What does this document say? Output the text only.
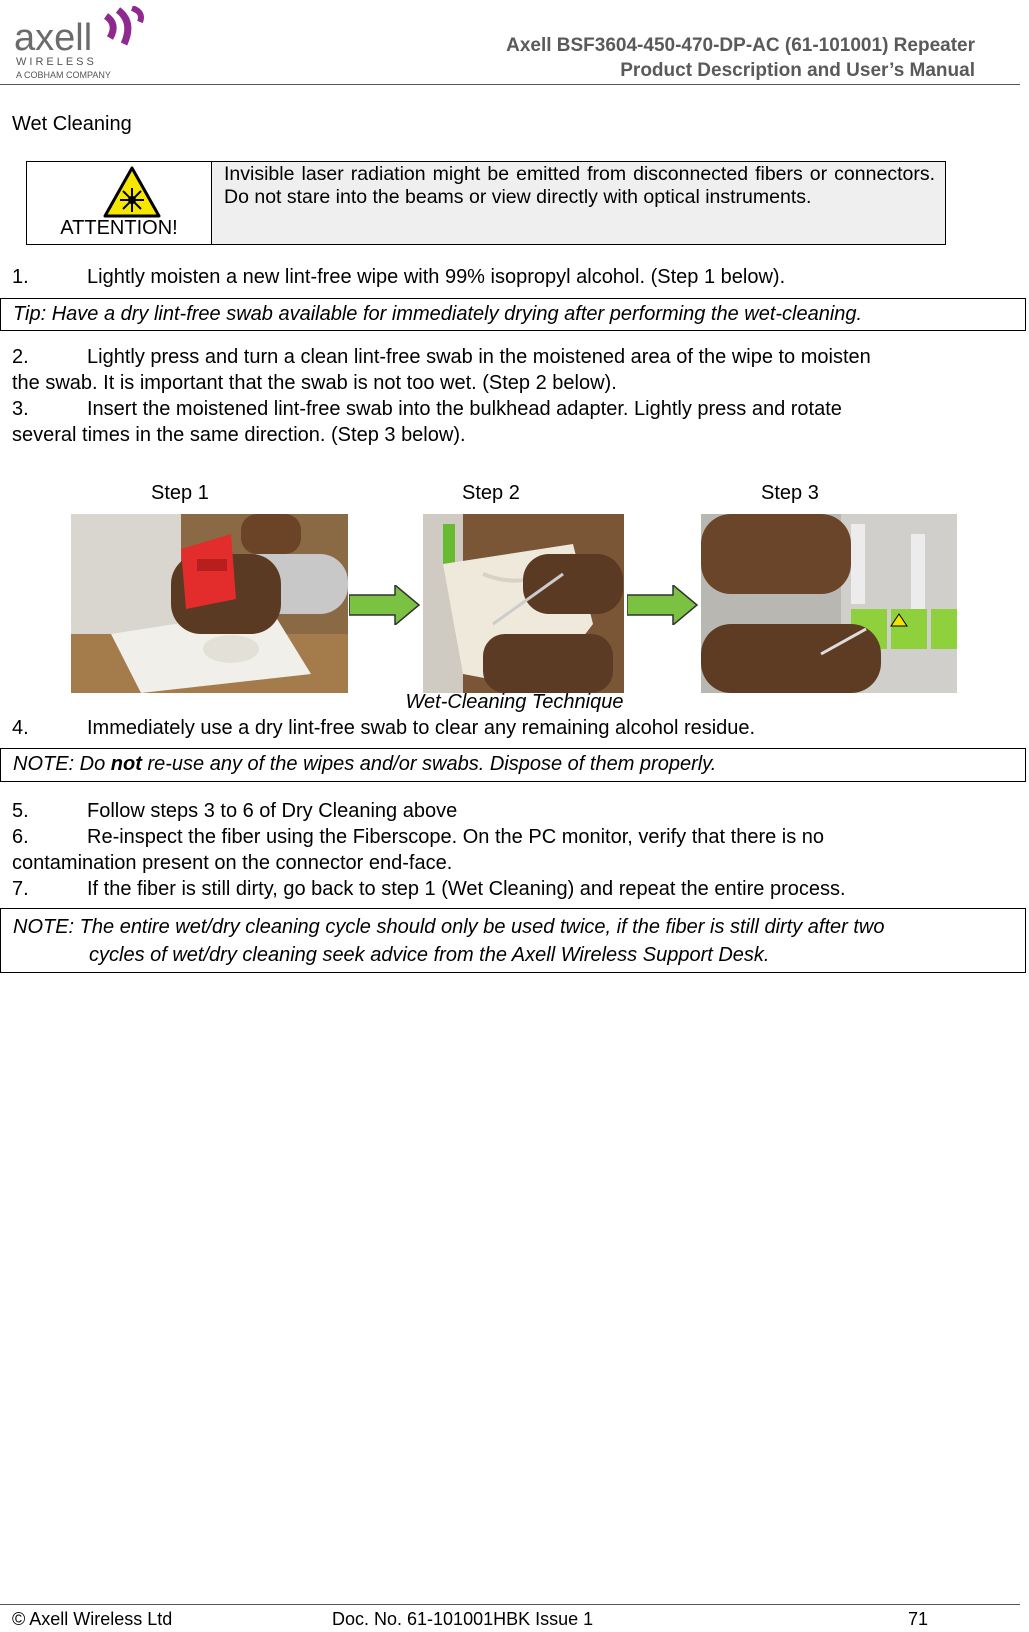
axell
WIRELESS
A COBHAM COMPANY
Axell BSF3604-450-470-DP-AC (61-101001) Repeater
Product Description and User’s Manual
Wet Cleaning
ATTENTION!
Invisible laser radiation might be emitted from disconnected fibers or connectors. Do not stare into the beams or view directly with optical instruments.
1.	Lightly moisten a new lint-free wipe with 99% isopropyl alcohol. (Step 1 below).
Tip: Have a dry lint-free swab available for immediately drying after performing the wet-cleaning.
2.	Lightly press and turn a clean lint-free swab in the moistened area of the wipe to moisten
the swab. It is important that the swab is not too wet. (Step 2 below).
3.	Insert the moistened lint-free swab into the bulkhead adapter. Lightly press and rotate
several times in the same direction. (Step 3 below).
Step 1	Step 2	Step 3
Wet-Cleaning Technique
4.	Immediately use a dry lint-free swab to clear any remaining alcohol residue.
NOTE: Do not re-use any of the wipes and/or swabs. Dispose of them properly.
5.	Follow steps 3 to 6 of Dry Cleaning above
6.	Re-inspect the fiber using the Fiberscope. On the PC monitor, verify that there is no
contamination present on the connector end-face.
7.	If the fiber is still dirty, go back to step 1 (Wet Cleaning) and repeat the entire process.
NOTE: The entire wet/dry cleaning cycle should only be used twice, if the fiber is still dirty after two
cycles of wet/dry cleaning seek advice from the Axell Wireless Support Desk.
© Axell Wireless Ltd	Doc. No. 61-101001HBK Issue 1	71
